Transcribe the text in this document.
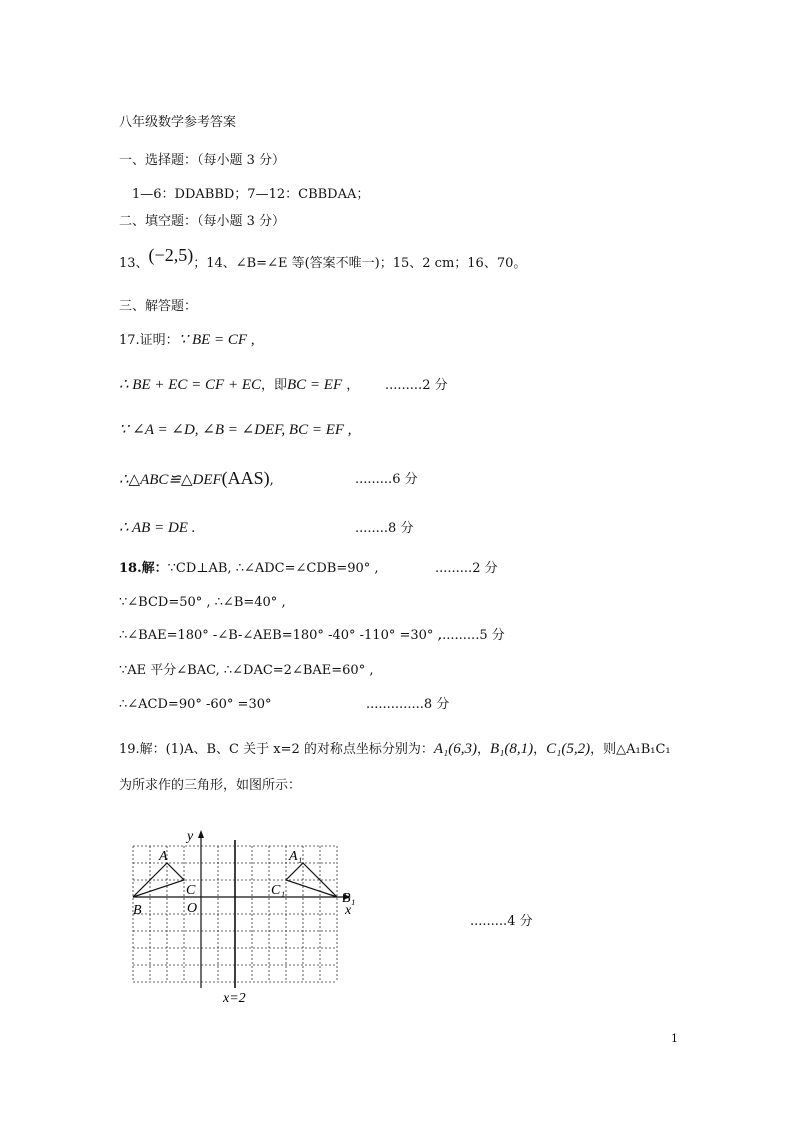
八年级数学参考答案
一、选择题：（每小题 3 分）
1—6：DDABBD；7—12：CBBDAA；
二、填空题：（每小题 3 分）
13、(−2,5)；14、∠B=∠E 等(答案不唯一)；15、2 cm；16、70。
三、解答题：
17.证明：∵ BE = CF ,
∴ BE + EC = CF + EC，即BC = EF ， .........2 分
∵ ∠A = ∠D, ∠B = ∠DEF, BC = EF ,
∴△ABC≌△DEF(AAS),	.........6 分
∴ AB = DE .	........8 分
18.解：∵CD⊥AB, ∴∠ADC=∠CDB=90° ,	.........2 分
∵∠BCD=50° , ∴∠B=40° ,
∴∠BAE=180° -∠B-∠AEB=180° -40° -110° =30° ,
..........5 分
∵AE 平分∠BAC, ∴∠DAC=2∠BAE=60° ,
∴∠ACD=90° -60° =30°	..............8 分
19.解：(1)A、B、C 关于 x=2 的对称点坐标分别为：A₁(6,3)，B₁(8,1)，C₁(5,2)，则△A₁B₁C₁
为所求作的三角形，如图所示：
y
x
O
A
B
C
A₁
B₁
C₁
x=2
.........4 分
1
